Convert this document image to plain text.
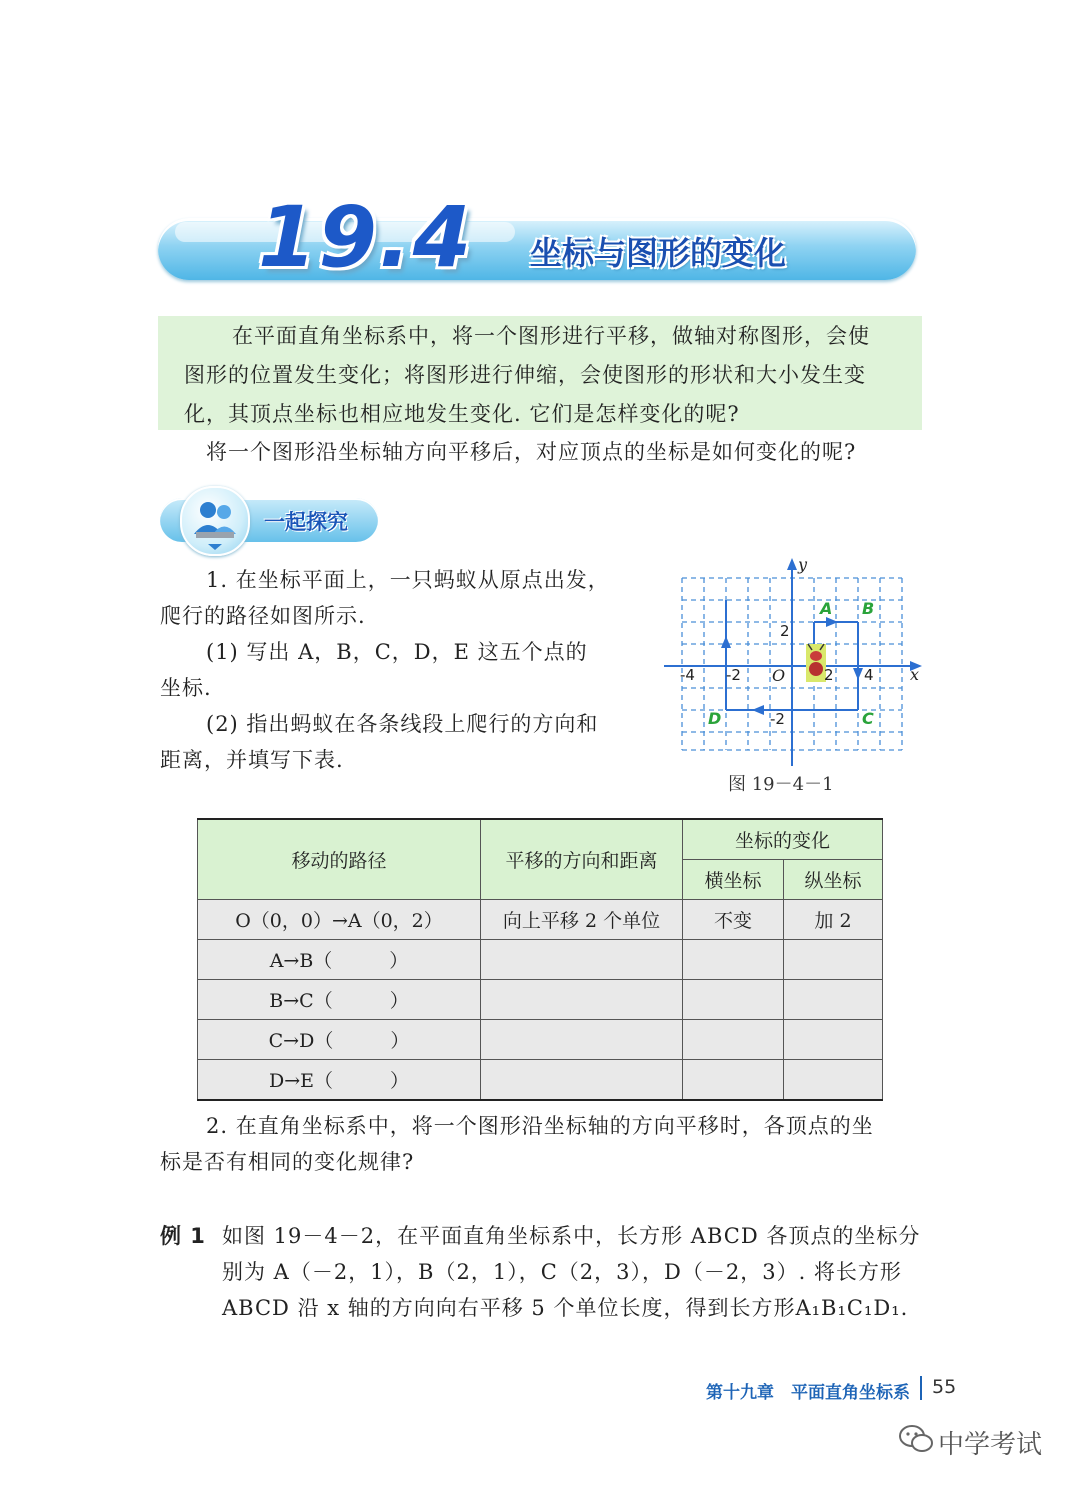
19.4 坐标与图形的变化

在平面直角坐标系中，将一个图形进行平移，做轴对称图形，会使

图形的位置发生变化；将图形进行伸缩，会使图形的形状和大小发生变

化，其顶点坐标也相应地发生变化. 它们是怎样变化的呢?

将一个图形沿坐标轴方向平移后，对应顶点的坐标是如何变化的呢?
一起探究
1. 在坐标平面上，一只蚂蚁从原点出发，
爬行的路径如图所示.
(1) 写出 A，B，C，D，E 这五个点的
坐标.
(2) 指出蚂蚁在各条线段上爬行的方向和
距离，并填写下表.
y
x
O
-4 -2	2 4
2
-2
A B
C
D
图 19－4－1
移动的路径	平移的方向和距离	坐标的变化	
		横坐标	纵坐标
O（0，0）→A（0，2）	向上平移 2 个单位	不变	加 2
A→B（　　　）			
B→C（　　　）			
C→D（　　　）			
D→E（　　　）			
2. 在直角坐标系中，将一个图形沿坐标轴的方向平移时，各顶点的坐
标是否有相同的变化规律?
例 1 如图 19－4－2，在平面直角坐标系中，长方形 ABCD 各顶点的坐标分
别为 A（－2，1），B（2，1），C（2，3），D（－2，3）. 将长方形
ABCD 沿 x 轴的方向向右平移 5 个单位长度，得到长方形A₁B₁C₁D₁.
第十九章　平面直角坐标系 55
中学考试
